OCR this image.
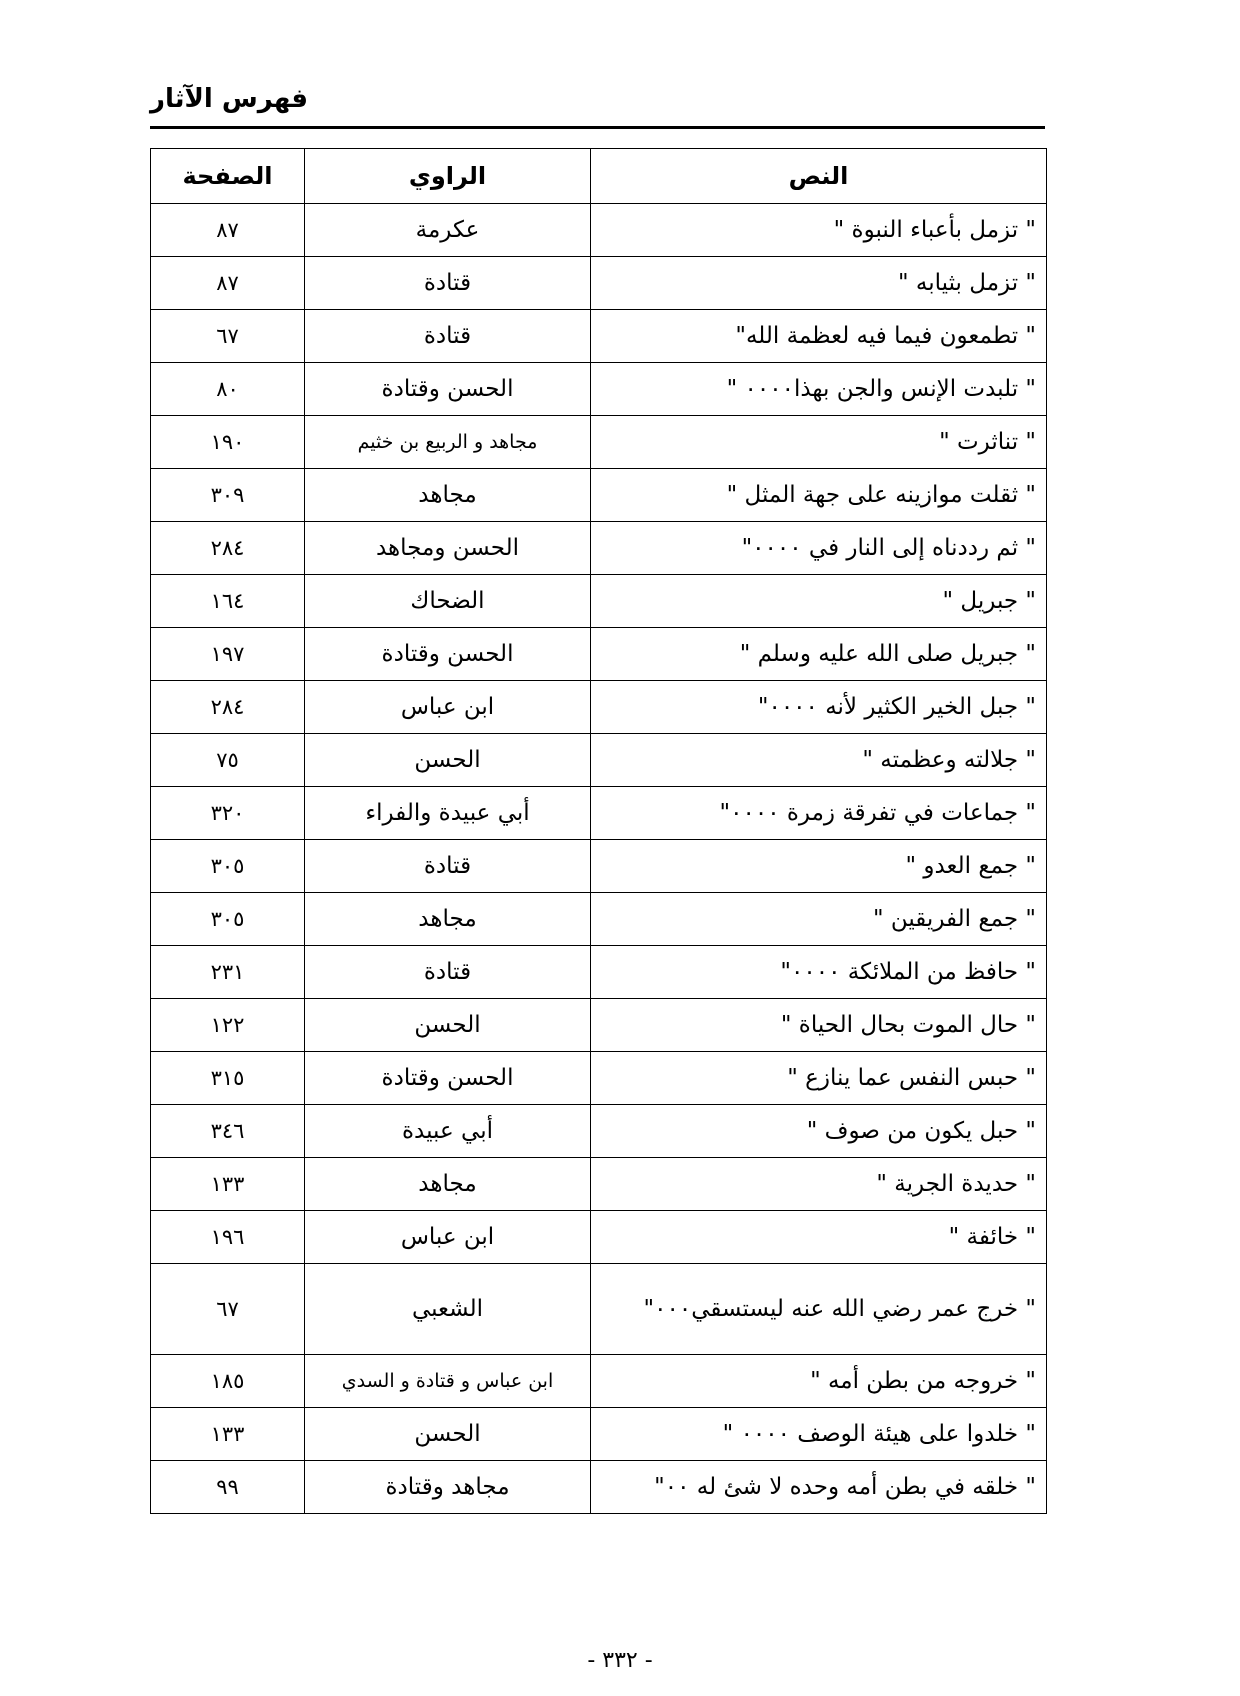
فهرس الآثار
النص	الراوي	الصفحة
" تزمل بأعباء النبوة "	عكرمة	٨٧
" تزمل بثيابه "	قتادة	٨٧
" تطمعون فيما فيه لعظمة الله"	قتادة	٦٧
" تلبدت الإنس والجن بهذا٠٠٠٠ "	الحسن وقتادة	٨٠
" تناثرت "	مجاهد و الربيع بن خثيم	١٩٠
" ثقلت موازينه على جهة المثل "	مجاهد	٣٠٩
" ثم رددناه إلى النار في ٠٠٠٠"	الحسن ومجاهد	٢٨٤
" جبريل "	الضحاك	١٦٤
" جبريل صلى الله عليه وسلم "	الحسن وقتادة	١٩٧
" جبل الخير الكثير لأنه ٠٠٠٠"	ابن عباس	٢٨٤
" جلالته وعظمته "	الحسن	٧٥
" جماعات في تفرقة زمرة ٠٠٠٠"	أبي عبيدة والفراء	٣٢٠
" جمع العدو "	قتادة	٣٠٥
" جمع الفريقين "	مجاهد	٣٠٥
" حافظ من الملائكة ٠٠٠٠"	قتادة	٢٣١
" حال الموت بحال الحياة "	الحسن	١٢٢
" حبس النفس عما ينازع "	الحسن وقتادة	٣١٥
" حبل يكون من صوف "	أبي عبيدة	٣٤٦
" حديدة الجرية "	مجاهد	١٣٣
" خائفة "	ابن عباس	١٩٦
" خرج عمر رضي الله عنه ليستسقي٠٠٠"	الشعبي	٦٧
" خروجه من بطن أمه "	ابن عباس و قتادة و السدي	١٨٥
" خلدوا على هيئة الوصف ٠٠٠٠ "	الحسن	١٣٣
" خلقه في بطن أمه وحده لا شئ له ٠٠"	مجاهد وقتادة	٩٩
- ٣٣٢ -
